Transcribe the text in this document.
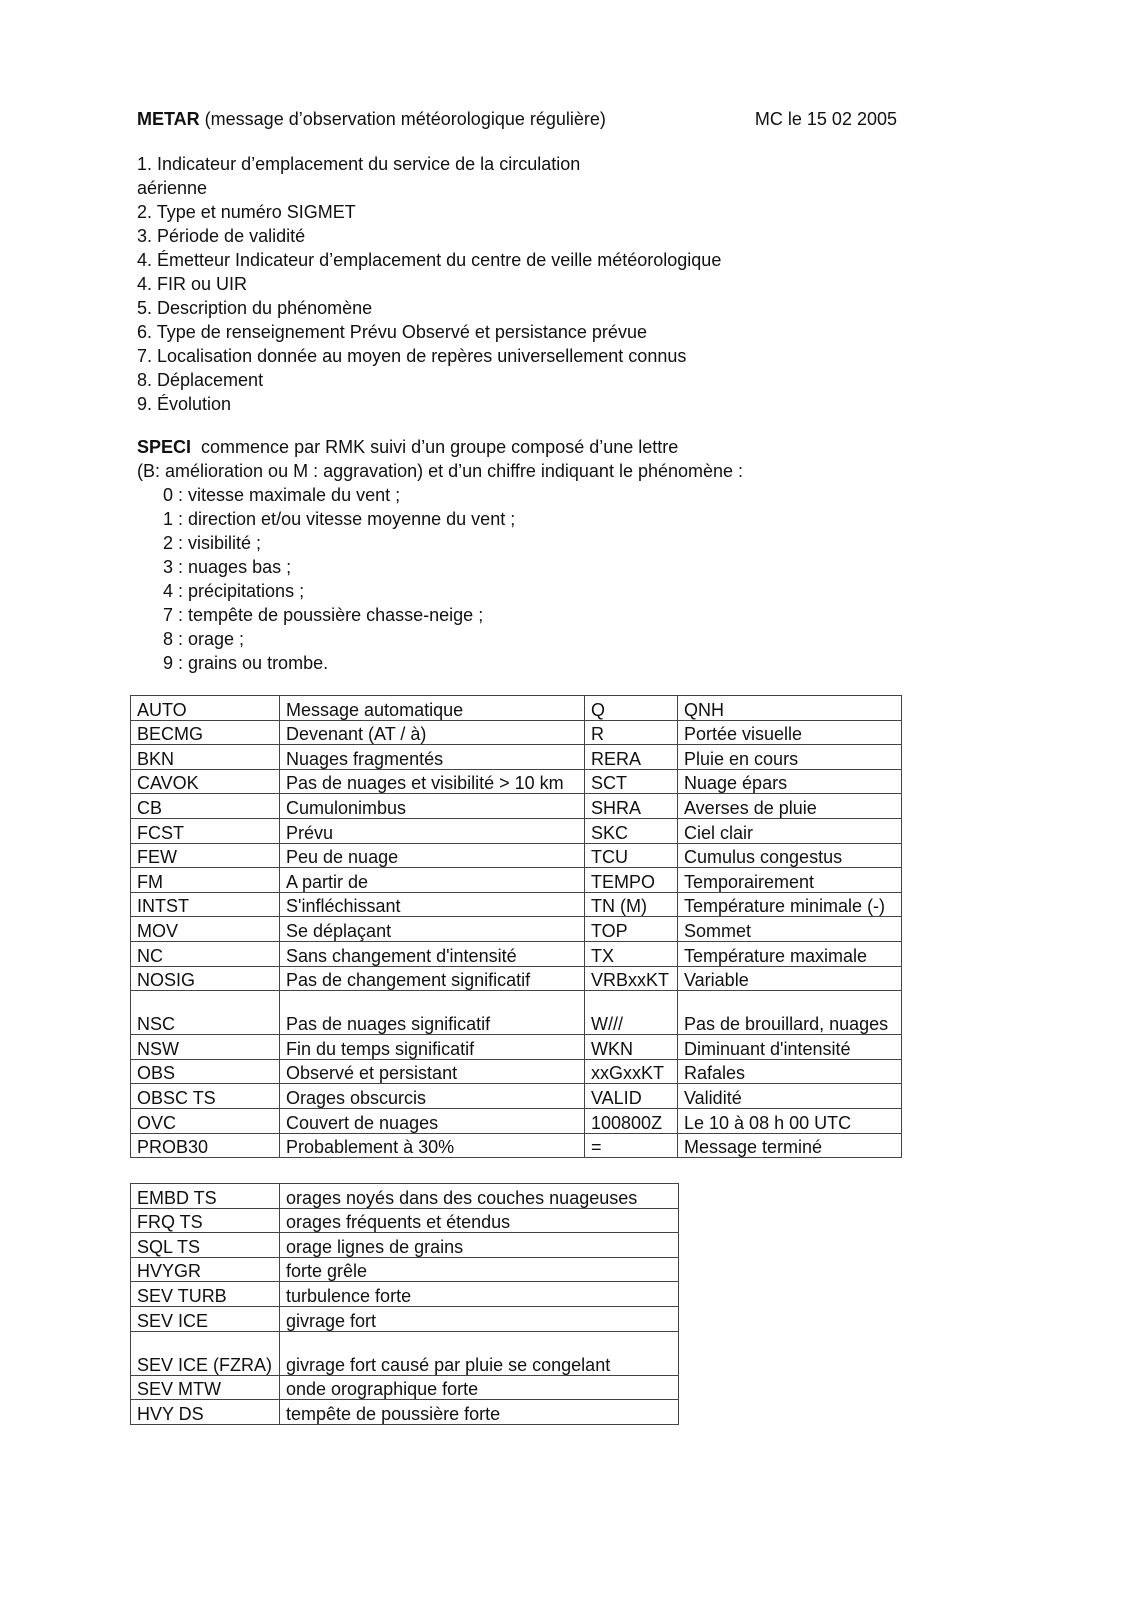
METAR (message d’observation météorologique régulière)	MC le 15 02 2005
1. Indicateur d’emplacement du service de la circulation
aérienne
2. Type et numéro SIGMET
3. Période de validité
4. Émetteur Indicateur d’emplacement du centre de veille météorologique
4. FIR ou UIR
5. Description du phénomène
6. Type de renseignement Prévu Observé et persistance prévue
7. Localisation donnée au moyen de repères universellement connus
8. Déplacement
9. Évolution
SPECI  commence par RMK suivi d’un groupe composé d’une lettre
(B: amélioration ou M : aggravation) et d’un chiffre indiquant le phénomène :
0 : vitesse maximale du vent ;
1 : direction et/ou vitesse moyenne du vent ;
2 : visibilité ;
3 : nuages bas ;
4 : précipitations ;
7 : tempête de poussière chasse-neige ;
8 : orage ;
9 : grains ou trombe.
AUTO	Message automatique	Q	QNH
BECMG	Devenant (AT / à)	R	Portée visuelle
BKN	Nuages fragmentés	RERA	Pluie en cours
CAVOK	Pas de nuages et visibilité > 10 km	SCT	Nuage épars
CB	Cumulonimbus	SHRA	Averses de pluie
FCST	Prévu	SKC	Ciel clair
FEW	Peu de nuage	TCU	Cumulus congestus
FM	A partir de	TEMPO	Temporairement
INTST	S'infléchissant	TN (M)	Température minimale (-)
MOV	Se déplaçant	TOP	Sommet
NC	Sans changement d'intensité	TX	Température maximale
NOSIG	Pas de changement significatif	VRBxxKT	Variable
NSC	Pas de nuages significatif	W///	Pas de brouillard, nuages
NSW	Fin du temps significatif	WKN	Diminuant d'intensité
OBS	Observé et persistant	xxGxxKT	Rafales
OBSC TS	Orages obscurcis	VALID	Validité
OVC	Couvert de nuages	100800Z	Le 10 à 08 h 00 UTC
PROB30	Probablement à 30%	=	Message terminé
EMBD TS	orages noyés dans des couches nuageuses
FRQ TS	orages fréquents et étendus
SQL TS	orage lignes de grains
HVYGR	forte grêle
SEV TURB	turbulence forte
SEV ICE	givrage fort
SEV ICE (FZRA)	givrage fort causé par pluie se congelant
SEV MTW	onde orographique forte
HVY DS	tempête de poussière forte
